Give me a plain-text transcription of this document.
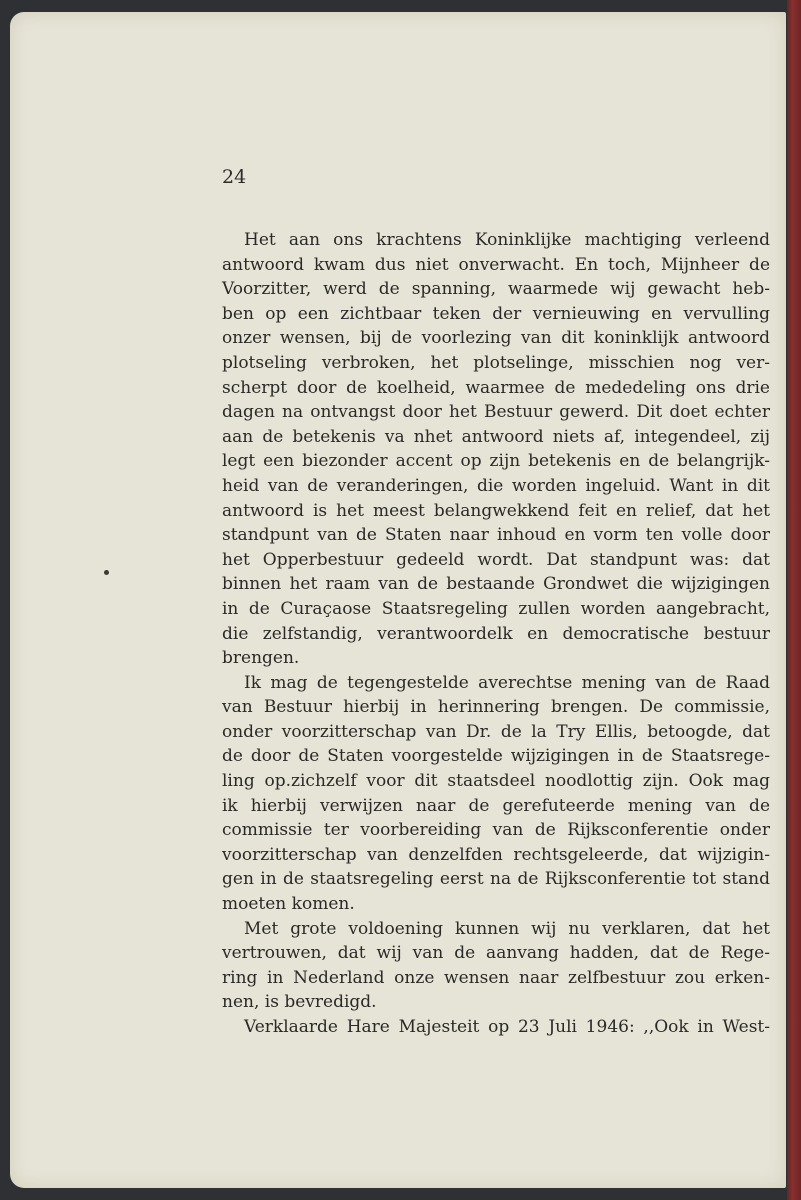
24
Het aan ons krachtens Koninklijke machtiging verleend
antwoord kwam dus niet onverwacht. En toch, Mijnheer de
Voorzitter, werd de spanning, waarmede wij gewacht heb-
ben op een zichtbaar teken der vernieuwing en vervulling
onzer wensen, bij de voorlezing van dit koninklijk antwoord
plotseling verbroken, het plotselinge, misschien nog ver-
scherpt door de koelheid, waarmee de mededeling ons drie
dagen na ontvangst door het Bestuur gewerd. Dit doet echter
aan de betekenis va nhet antwoord niets af, integendeel, zij
legt een biezonder accent op zijn betekenis en de belangrijk-
heid van de veranderingen, die worden ingeluid. Want in dit
antwoord is het meest belangwekkend feit en relief, dat het
standpunt van de Staten naar inhoud en vorm ten volle door
het Opperbestuur gedeeld wordt. Dat standpunt was: dat
binnen het raam van de bestaande Grondwet die wijzigingen
in de Curaçaose Staatsregeling zullen worden aangebracht,
die zelfstandig, verantwoordelk en democratische bestuur
brengen.
Ik mag de tegengestelde averechtse mening van de Raad
van Bestuur hierbij in herinnering brengen. De commissie,
onder voorzitterschap van Dr. de la Try Ellis, betoogde, dat
de door de Staten voorgestelde wijzigingen in de Staatsrege-
ling op.zichzelf voor dit staatsdeel noodlottig zijn. Ook mag
ik hierbij verwijzen naar de gerefuteerde mening van de
commissie ter voorbereiding van de Rijksconferentie onder
voorzitterschap van denzelfden rechtsgeleerde, dat wijzigin-
gen in de staatsregeling eerst na de Rijksconferentie tot stand
moeten komen.
Met grote voldoening kunnen wij nu verklaren, dat het
vertrouwen, dat wij van de aanvang hadden, dat de Rege-
ring in Nederland onze wensen naar zelfbestuur zou erken-
nen, is bevredigd.
Verklaarde Hare Majesteit op 23 Juli 1946: ,,Ook in West-
